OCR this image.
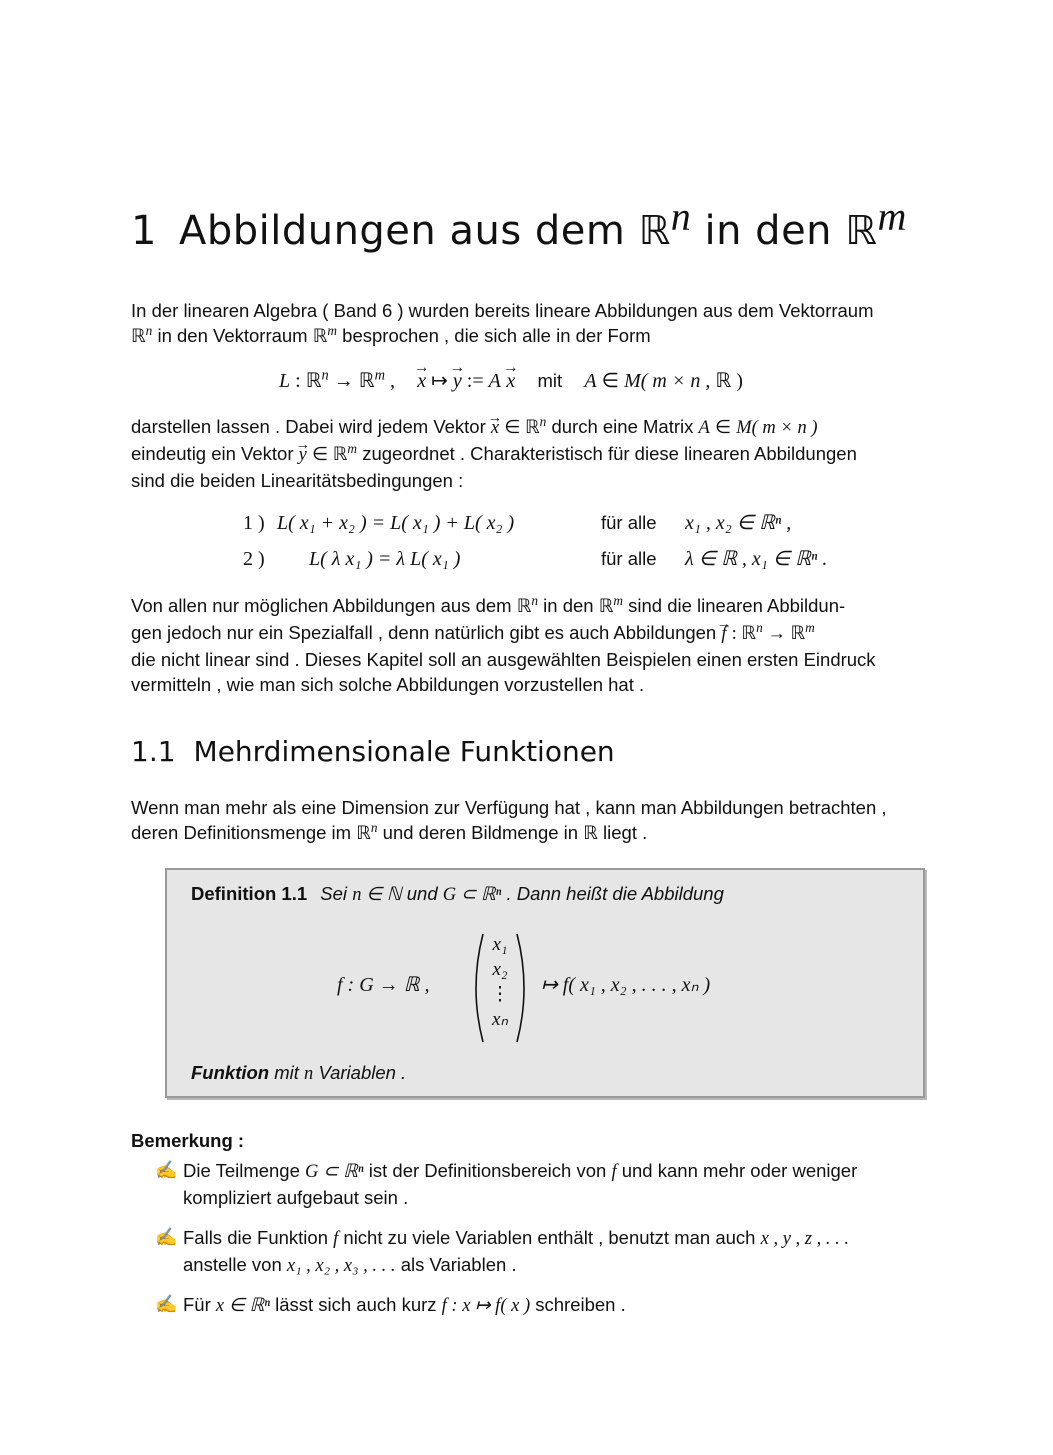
1 Abbildungen aus dem ℝ$^n$ in den ℝ$^m$

In der linearen Algebra ( Band 6 ) wurden bereits lineare Abbildungen aus dem Vektorraum
ℝ$^n$ in den Vektorraum ℝ$^m$ besprochen , die sich alle in der Form

L : ℝ$^n$ → ℝ$^m$ , → x ↦ → y := A → x mit A ∈ M( m × n , ℝ )

darstellen lassen . Dabei wird jedem Vektor → x ∈ ℝ$^n$ durch eine Matrix A ∈ M( m × n )
eindeutig ein Vektor → y ∈ ℝ$^m$ zugeordnet . Charakteristisch für diese linearen Abbildungen
sind die beiden Linearitätsbedingungen :

1 ) L( x₁ + x₂ ) = L( x₁ ) + L( x₂ )	für alle x₁ , x₂ ∈ ℝⁿ ,
2 ) L( λ x₁ ) = λ L( x₁ )	für alle λ ∈ ℝ , x₁ ∈ ℝⁿ .

Von allen nur möglichen Abbildungen aus dem ℝ$^n$ in den ℝ$^m$ sind die linearen Abbildun-
gen jedoch nur ein Spezialfall , denn natürlich gibt es auch Abbildungen → f : ℝ$^n$ → ℝ$^m$
die nicht linear sind . Dieses Kapitel soll an ausgewählten Beispielen einen ersten Eindruck
vermitteln , wie man sich solche Abbildungen vorzustellen hat .

1.1 Mehrdimensionale Funktionen

Wenn man mehr als eine Dimension zur Verfügung hat , kann man Abbildungen betrachten ,
deren Definitionsmenge im ℝ$^n$ und deren Bildmenge in ℝ liegt .

Definition 1.1 Sei n ∈ ℕ und G ⊂ ℝⁿ . Dann heißt die Abbildung
f : G → ℝ ,
x₁
x₂
⋮
xₙ
↦ f( x₁ , x₂ , . . . , xₙ )
Funktion mit n Variablen .
Bemerkung :
✍ Die Teilmenge G ⊂ ℝⁿ ist der Definitionsbereich von f und kann mehr oder weniger
kompliziert aufgebaut sein .
✍ Falls die Funktion f nicht zu viele Variablen enthält , benutzt man auch x , y , z , . . .
anstelle von x₁ , x₂ , x₃ , . . . als Variablen .
✍ Für x ∈ ℝⁿ lässt sich auch kurz f : x ↦ f( x ) schreiben .
